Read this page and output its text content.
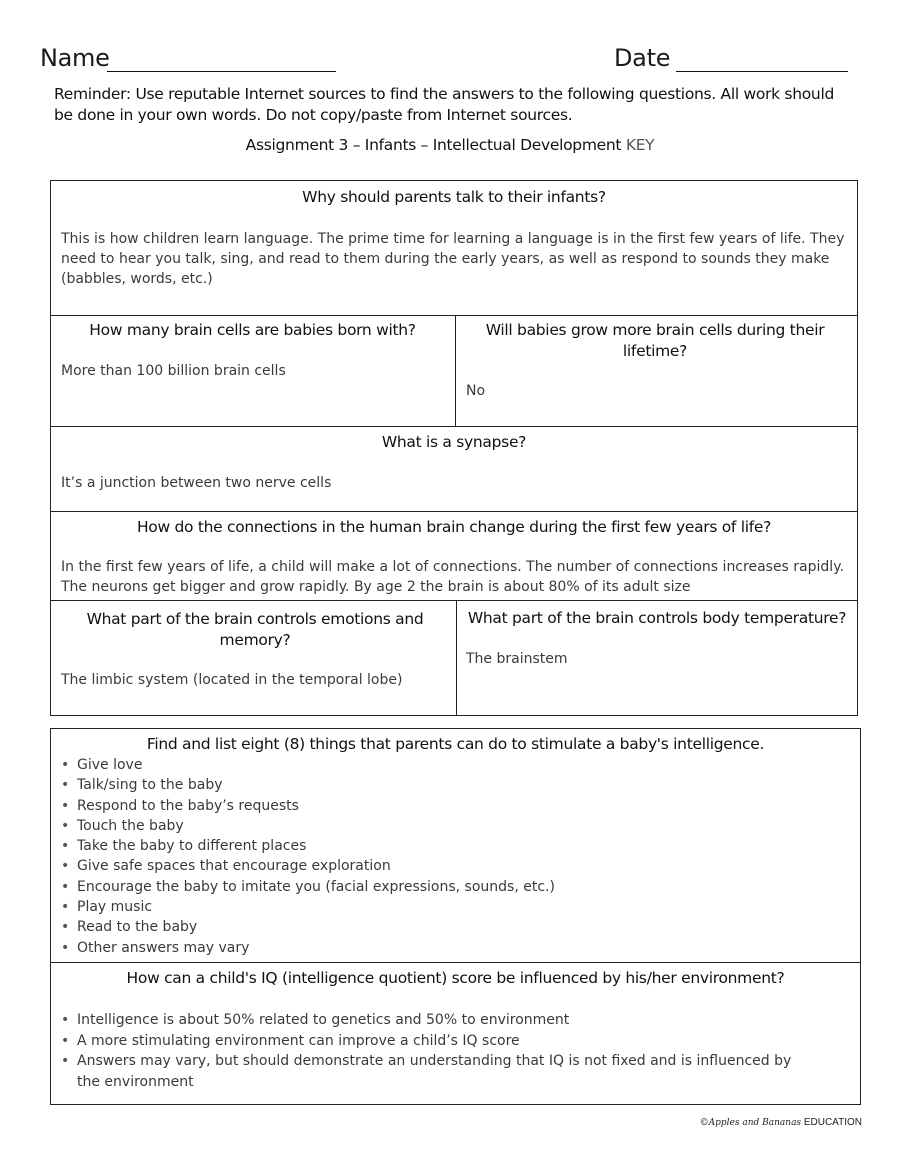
Name	Date
Reminder: Use reputable Internet sources to find the answers to the following questions. All work should be done in your own words. Do not copy/paste from Internet sources.
Assignment 3 – Infants – Intellectual Development KEY
Why should parents talk to their infants?
This is how children learn language. The prime time for learning a language is in the first few years of life. They need to hear you talk, sing, and read to them during the early years, as well as respond to sounds they make (babbles, words, etc.)
How many brain cells are babies born with?
More than 100 billion brain cells
Will babies grow more brain cells during their lifetime?
No
What is a synapse?
It’s a junction between two nerve cells
How do the connections in the human brain change during the first few years of life?
In the first few years of life, a child will make a lot of connections. The number of connections increases rapidly. The neurons get bigger and grow rapidly. By age 2 the brain is about 80% of its adult size
What part of the brain controls emotions and memory?
The limbic system (located in the temporal lobe)
What part of the brain controls body temperature?
The brainstem
Find and list eight (8) things that parents can do to stimulate a baby's intelligence.
• Give love
• Talk/sing to the baby
• Respond to the baby’s requests
• Touch the baby
• Take the baby to different places
• Give safe spaces that encourage exploration
• Encourage the baby to imitate you (facial expressions, sounds, etc.)
• Play music
• Read to the baby
• Other answers may vary
How can a child's IQ (intelligence quotient) score be influenced by his/her environment?
• Intelligence is about 50% related to genetics and 50% to environment
• A more stimulating environment can improve a child’s IQ score
• Answers may vary, but should demonstrate an understanding that IQ is not fixed and is influenced by the environment
©Apples and Bananas EDUCATION
